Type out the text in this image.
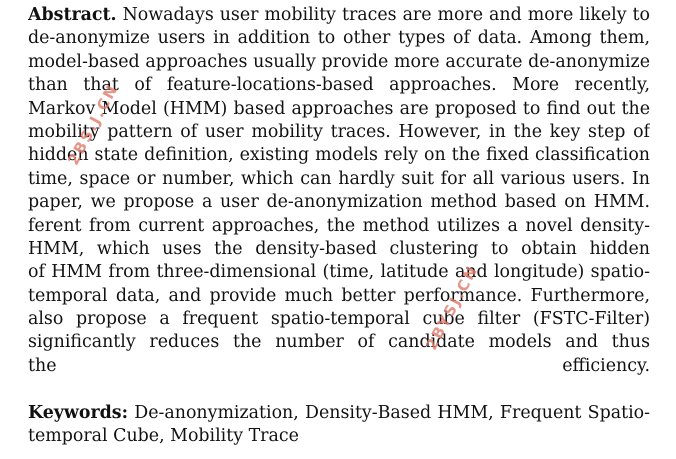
Abstract. Nowadays user mobility traces are more and more likely to
de-anonymize users in addition to other types of data. Among them,
model-based approaches usually provide more accurate de-anonymize
than that of feature-locations-based approaches. More recently,
Markov Model (HMM) based approaches are proposed to find out the
mobility pattern of user mobility traces. However, in the key step of
hidden state definition, existing models rely on the fixed classification
time, space or number, which can hardly suit for all various users. In
paper, we propose a user de-anonymization method based on HMM.
ferent from current approaches, the method utilizes a novel density-
HMM, which uses the density-based clustering to obtain hidden
of HMM from three-dimensional (time, latitude and longitude) spatio-
temporal data, and provide much better performance. Furthermore,
also propose a frequent spatio-temporal cube filter (FSTC-Filter)
significantly reduces the number of candidate models and thus
the efficiency.
Keywords: De-anonymization, Density-Based HMM, Frequent Spatio-
temporal Cube, Mobility Trace
2BS.J.CN
2BYSJ.CN
